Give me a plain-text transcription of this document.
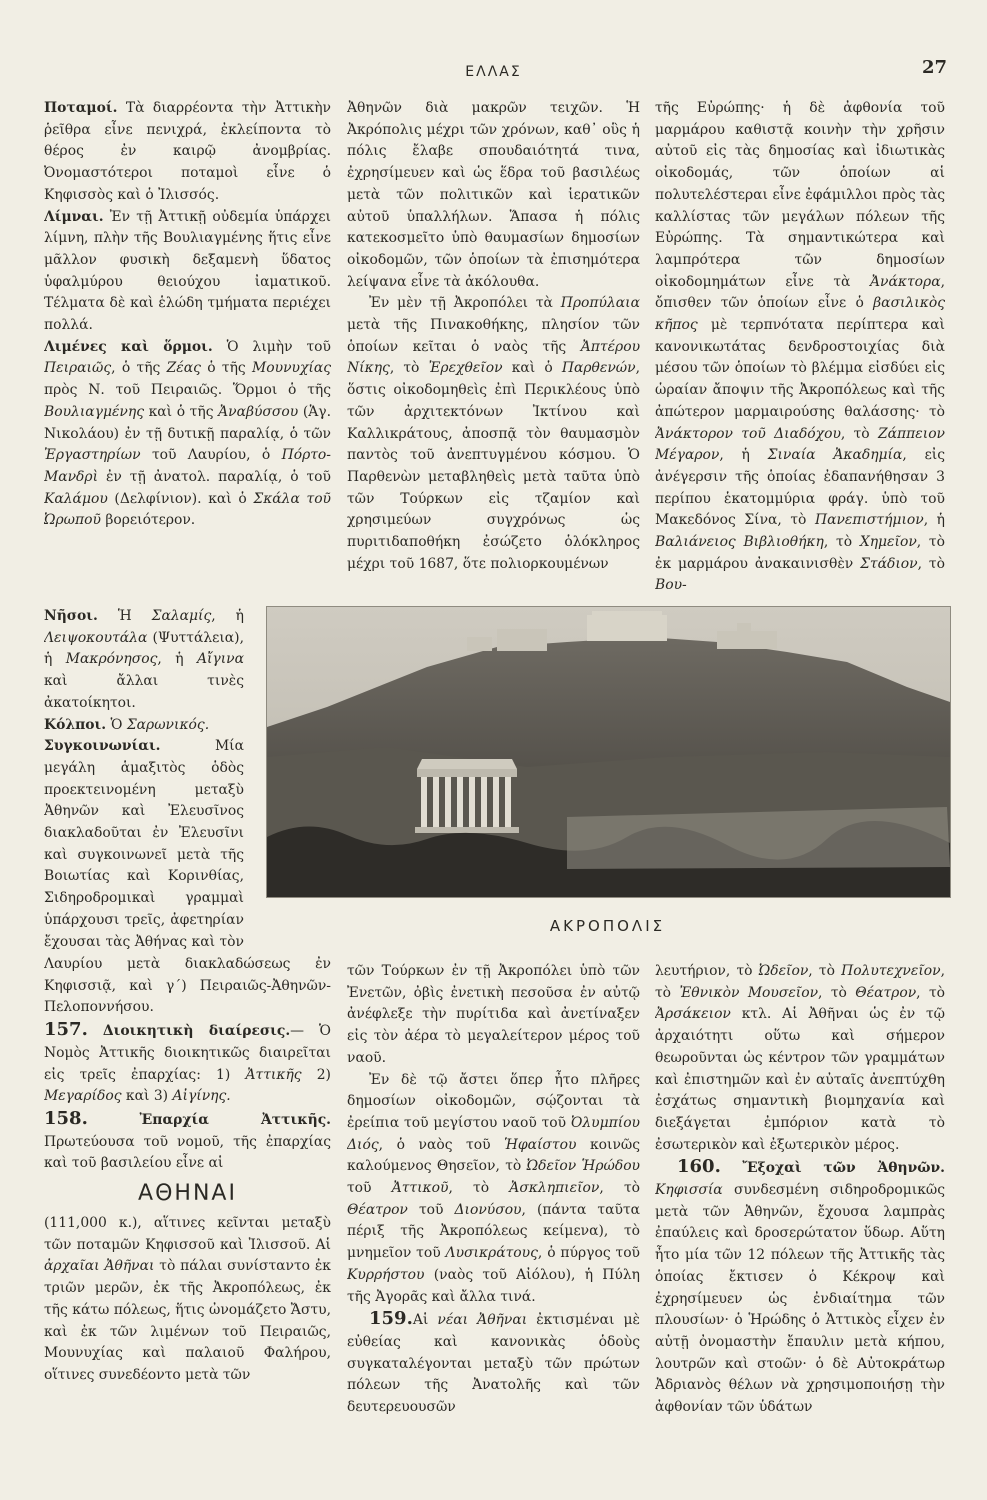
ΕΛΛΑΣ	27

Ποταμοί. Τὰ διαρρέοντα τὴν Ἀττικὴν ῥεῖθρα εἶνε πενιχρά, ἐκλείποντα τὸ θέρος ἐν καιρῷ ἀνομβρίας. Ὀνομαστότεροι ποταμοὶ εἶνε ὁ Κηφισσὸς καὶ ὁ Ἰλισσός.

Λίμναι. Ἐν τῇ Ἀττικῇ οὐδεμία ὑπάρχει λίμνη, πλὴν τῆς Βουλιαγμένης ἥτις εἶνε μᾶλλον φυσικὴ δεξαμενὴ ὕδατος ὑφαλμύρου θειούχου ἰαματικοῦ. Τέλματα δὲ καὶ ἑλώδη τμήματα περιέχει πολλά.

Λιμένες καὶ ὅρμοι. Ὁ λιμὴν τοῦ Πειραιῶς, ὁ τῆς Ζέας ὁ τῆς Μουνυχίας πρὸς Ν. τοῦ Πειραιῶς. Ὅρμοι ὁ τῆς Βουλιαγμένης καὶ ὁ τῆς Ἀναβύσσου (Ἁγ. Νικολάου) ἐν τῇ δυτικῇ παραλίᾳ, ὁ τῶν Ἐργαστηρίων τοῦ Λαυρίου, ὁ Πόρτο-Μανδρὶ ἐν τῇ ἀνατολ. παραλίᾳ, ὁ τοῦ Καλάμου (Δελφίνιον). καὶ ὁ Σκάλα τοῦ Ὠρωποῦ βορειότερον.

Νῆσοι. Ἡ Σαλαμίς, ἡ Λειψοκουτάλα (Ψυττάλεια), ἡ Μακρόνησος, ἡ Αἴγινα καὶ ἄλλαι τινὲς ἀκατοίκητοι.

Κόλποι. Ὁ Σαρωνικός.

Συγκοινωνίαι.	Μία μεγάλη ἁμαξιτὸς ὁδὸς προεκτεινομένη μεταξὺ Ἀθηνῶν καὶ Ἐλευσῖνος διακλαδοῦται ἐν Ἐλευσῖνι καὶ συγκοινωνεῖ μετὰ τῆς Βοιωτίας καὶ Κορινθίας, Σιδηροδρομικαὶ γραμμαὶ ὑπάρχουσι τρεῖς, ἀφετηρίαν ἔχουσαι τὰς Ἀθήνας καὶ τὸν

Λαυρίου μετὰ διακλαδώσεως ἐν Κηφισσιᾷ, καὶ γ΄) Πειραιῶς-Ἀθηνῶν-Πελοποννήσου.

157. Διοικητικὴ διαίρεσις.— Ὁ Νομὸς Ἀττικῆς διοικητικῶς διαιρεῖται εἰς τρεῖς ἐπαρχίας: 1) Ἀττικῆς 2) Μεγαρίδος καὶ 3) Αἰγίνης.

158.	Ἐπαρχία Ἀττικῆς. Πρωτεύουσα τοῦ νομοῦ, τῆς ἐπαρχίας καὶ τοῦ βασιλείου εἶνε αἱ

ΑΘΗΝΑΙ

(111,000 κ.), αἵτινες κεῖνται μεταξὺ τῶν ποταμῶν Κηφισσοῦ καὶ Ἰλισσοῦ. Αἱ ἀρχαῖαι Ἀθῆναι τὸ πάλαι συνίσταντο ἐκ τριῶν μερῶν, ἐκ τῆς Ἀκροπόλεως, ἐκ τῆς κάτω πόλεως, ἥτις ὠνομάζετο Ἄστυ, καὶ ἐκ τῶν λιμένων τοῦ Πειραιῶς, Μουνυχίας καὶ παλαιοῦ Φαλήρου, οἵτινες συνεδέοντο μετὰ τῶν

Ἀθηνῶν διὰ μακρῶν τειχῶν. Ἡ Ἀκρόπολις μέχρι τῶν χρόνων, καθ᾽ οὓς ἡ πόλις ἔλαβε σπουδαιότητά τινα, ἐχρησίμευεν καὶ ὡς ἕδρα τοῦ βασιλέως μετὰ τῶν πολιτικῶν καὶ ἱερατικῶν αὐτοῦ ὑπαλλήλων. Ἅπασα ἡ πόλις κατεκοσμεῖτο ὑπὸ θαυμασίων δημοσίων οἰκοδομῶν, τῶν ὁποίων τὰ ἐπισημότερα λείψανα εἶνε τὰ ἀκόλουθα.

Ἐν μὲν τῇ Ἀκροπόλει τὰ Προπύλαια μετὰ τῆς Πινακοθήκης, πλησίον τῶν ὁποίων κεῖται ὁ ναὸς τῆς Ἀπτέρου Νίκης, τὸ Ἐρεχθεῖον καὶ ὁ Παρθενών, ὅστις οἰκοδομηθεὶς ἐπὶ Περικλέους ὑπὸ τῶν ἀρχιτεκτόνων Ἰκτίνου καὶ Καλλικράτους, ἀποσπᾷ τὸν θαυμασμὸν παντὸς τοῦ ἀνεπτυγμένου κόσμου. Ὁ Παρθενὼν μεταβληθεὶς μετὰ ταῦτα ὑπὸ τῶν Τούρκων εἰς τζαμίον καὶ χρησιμεύων συγχρόνως ὡς πυριτιδαποθήκη ἐσώζετο ὁλόκληρος μέχρι τοῦ 1687, ὅτε πολιορκουμένων

τῆς Εὐρώπης· ἡ δὲ ἀφθονία τοῦ μαρμάρου καθιστᾷ κοινὴν τὴν χρῆσιν αὐτοῦ εἰς τὰς δημοσίας καὶ ἰδιωτικὰς οἰκοδομάς, τῶν ὁποίων αἱ πολυτελέστεραι εἶνε ἐφάμιλλοι πρὸς τὰς καλλίστας τῶν μεγάλων πόλεων τῆς Εὐρώπης. Τὰ σημαντικώτερα καὶ λαμπρότερα τῶν δημοσίων οἰκοδομημάτων εἶνε τὰ Ἀνάκτορα, ὄπισθεν τῶν ὁποίων εἶνε ὁ βασιλικὸς κῆπος μὲ τερπνότατα περίπτερα καὶ κανονικωτάτας δενδροστοιχίας διὰ μέσου τῶν ὁποίων τὸ βλέμμα εἰσδύει εἰς ὡραίαν ἄποψιν τῆς Ἀκροπόλεως καὶ τῆς ἀπώτερον μαρμαιρούσης θαλάσσης· τὸ Ἀνάκτορον τοῦ Διαδόχου, τὸ Ζάππειον Μέγαρον, ἡ Σιναία Ἀκαδημία, εἰς ἀνέγερσιν τῆς ὁποίας ἐδαπανήθησαν 3 περίπου ἑκατομμύρια φράγ. ὑπὸ τοῦ Μακεδόνος Σίνα, τὸ Πανεπιστήμιον, ἡ Βαλιάνειος Βιβλιοθήκη, τὸ Χημεῖον, τὸ ἐκ μαρμάρου ἀνακαινισθὲν Στάδιον, τὸ Βου-

ΑΚΡΟΠΟΛΙΣ

τῶν Τούρκων ἐν τῇ Ἀκροπόλει ὑπὸ τῶν Ἐνετῶν, ὀβὶς ἐνετικὴ πεσοῦσα ἐν αὐτῷ ἀνέφλεξε τὴν πυρίτιδα καὶ ἀνετίναξεν εἰς τὸν ἀέρα τὸ μεγαλείτερον μέρος τοῦ ναοῦ.

Ἐν δὲ τῷ ἄστει ὅπερ ἦτο πλῆρες δημοσίων οἰκοδομῶν, σῴζονται τὰ ἐρείπια τοῦ μεγίστου ναοῦ τοῦ Ὀλυμπίου Διός, ὁ ναὸς τοῦ Ἡφαίστου κοινῶς καλούμενος Θησεῖον, τὸ Ὠδεῖον Ἡρώδου τοῦ Ἀττικοῦ, τὸ Ἀσκληπιεῖον, τὸ Θέατρον τοῦ Διονύσου, (πάντα ταῦτα πέριξ τῆς Ἀκροπόλεως κείμενα), τὸ μνημεῖον τοῦ Λυσικράτους, ὁ πύργος τοῦ Κυρρήστου (ναὸς τοῦ Αἰόλου), ἡ Πύλη τῆς Ἀγορᾶς καὶ ἄλλα τινά.

159.Αἱ νέαι Ἀθῆναι ἐκτισμέναι μὲ εὐθείας καὶ κανονικὰς ὁδοὺς συγκαταλέγονται μεταξὺ τῶν πρώτων πόλεων τῆς Ἀνατολῆς καὶ τῶν δευτερευουσῶν

λευτήριον, τὸ Ὠδεῖον, τὸ Πολυτεχνεῖον, τὸ Ἐθνικὸν Μουσεῖον, τὸ Θέατρον, τὸ Ἀρσάκειον κτλ. Αἱ Ἀθῆναι ὡς ἐν τῷ ἀρχαιότητι οὕτω καὶ σήμερον θεωροῦνται ὡς κέντρον τῶν γραμμάτων καὶ ἐπιστημῶν καὶ ἐν αὐταῖς ἀνεπτύχθη ἐσχάτως σημαντικὴ βιομηχανία καὶ διεξάγεται ἐμπόριον κατὰ τὸ ἐσωτερικὸν καὶ ἐξωτερικὸν μέρος.

160. Ἔξοχαὶ τῶν Ἀθηνῶν. Κηφισσία συνδεσμένη σιδηροδρομικῶς μετὰ τῶν Ἀθηνῶν, ἔχουσα λαμπρὰς ἐπαύλεις καὶ δροσερώτατον ὕδωρ. Αὕτη ἦτο μία τῶν 12 πόλεων τῆς Ἀττικῆς τὰς ὁποίας ἔκτισεν ὁ Κέκροψ καὶ ἐχρησίμευεν ὡς ἐνδιαίτημα τῶν πλουσίων· ὁ Ἡρώδης ὁ Ἀττικὸς εἶχεν ἐν αὐτῇ ὀνομαστὴν ἔπαυλιν μετὰ κήπου, λουτρῶν καὶ στοῶν· ὁ δὲ Αὐτοκράτωρ Ἀδριανὸς θέλων νὰ χρησιμοποιήσῃ τὴν ἀφθονίαν τῶν ὑδάτων
